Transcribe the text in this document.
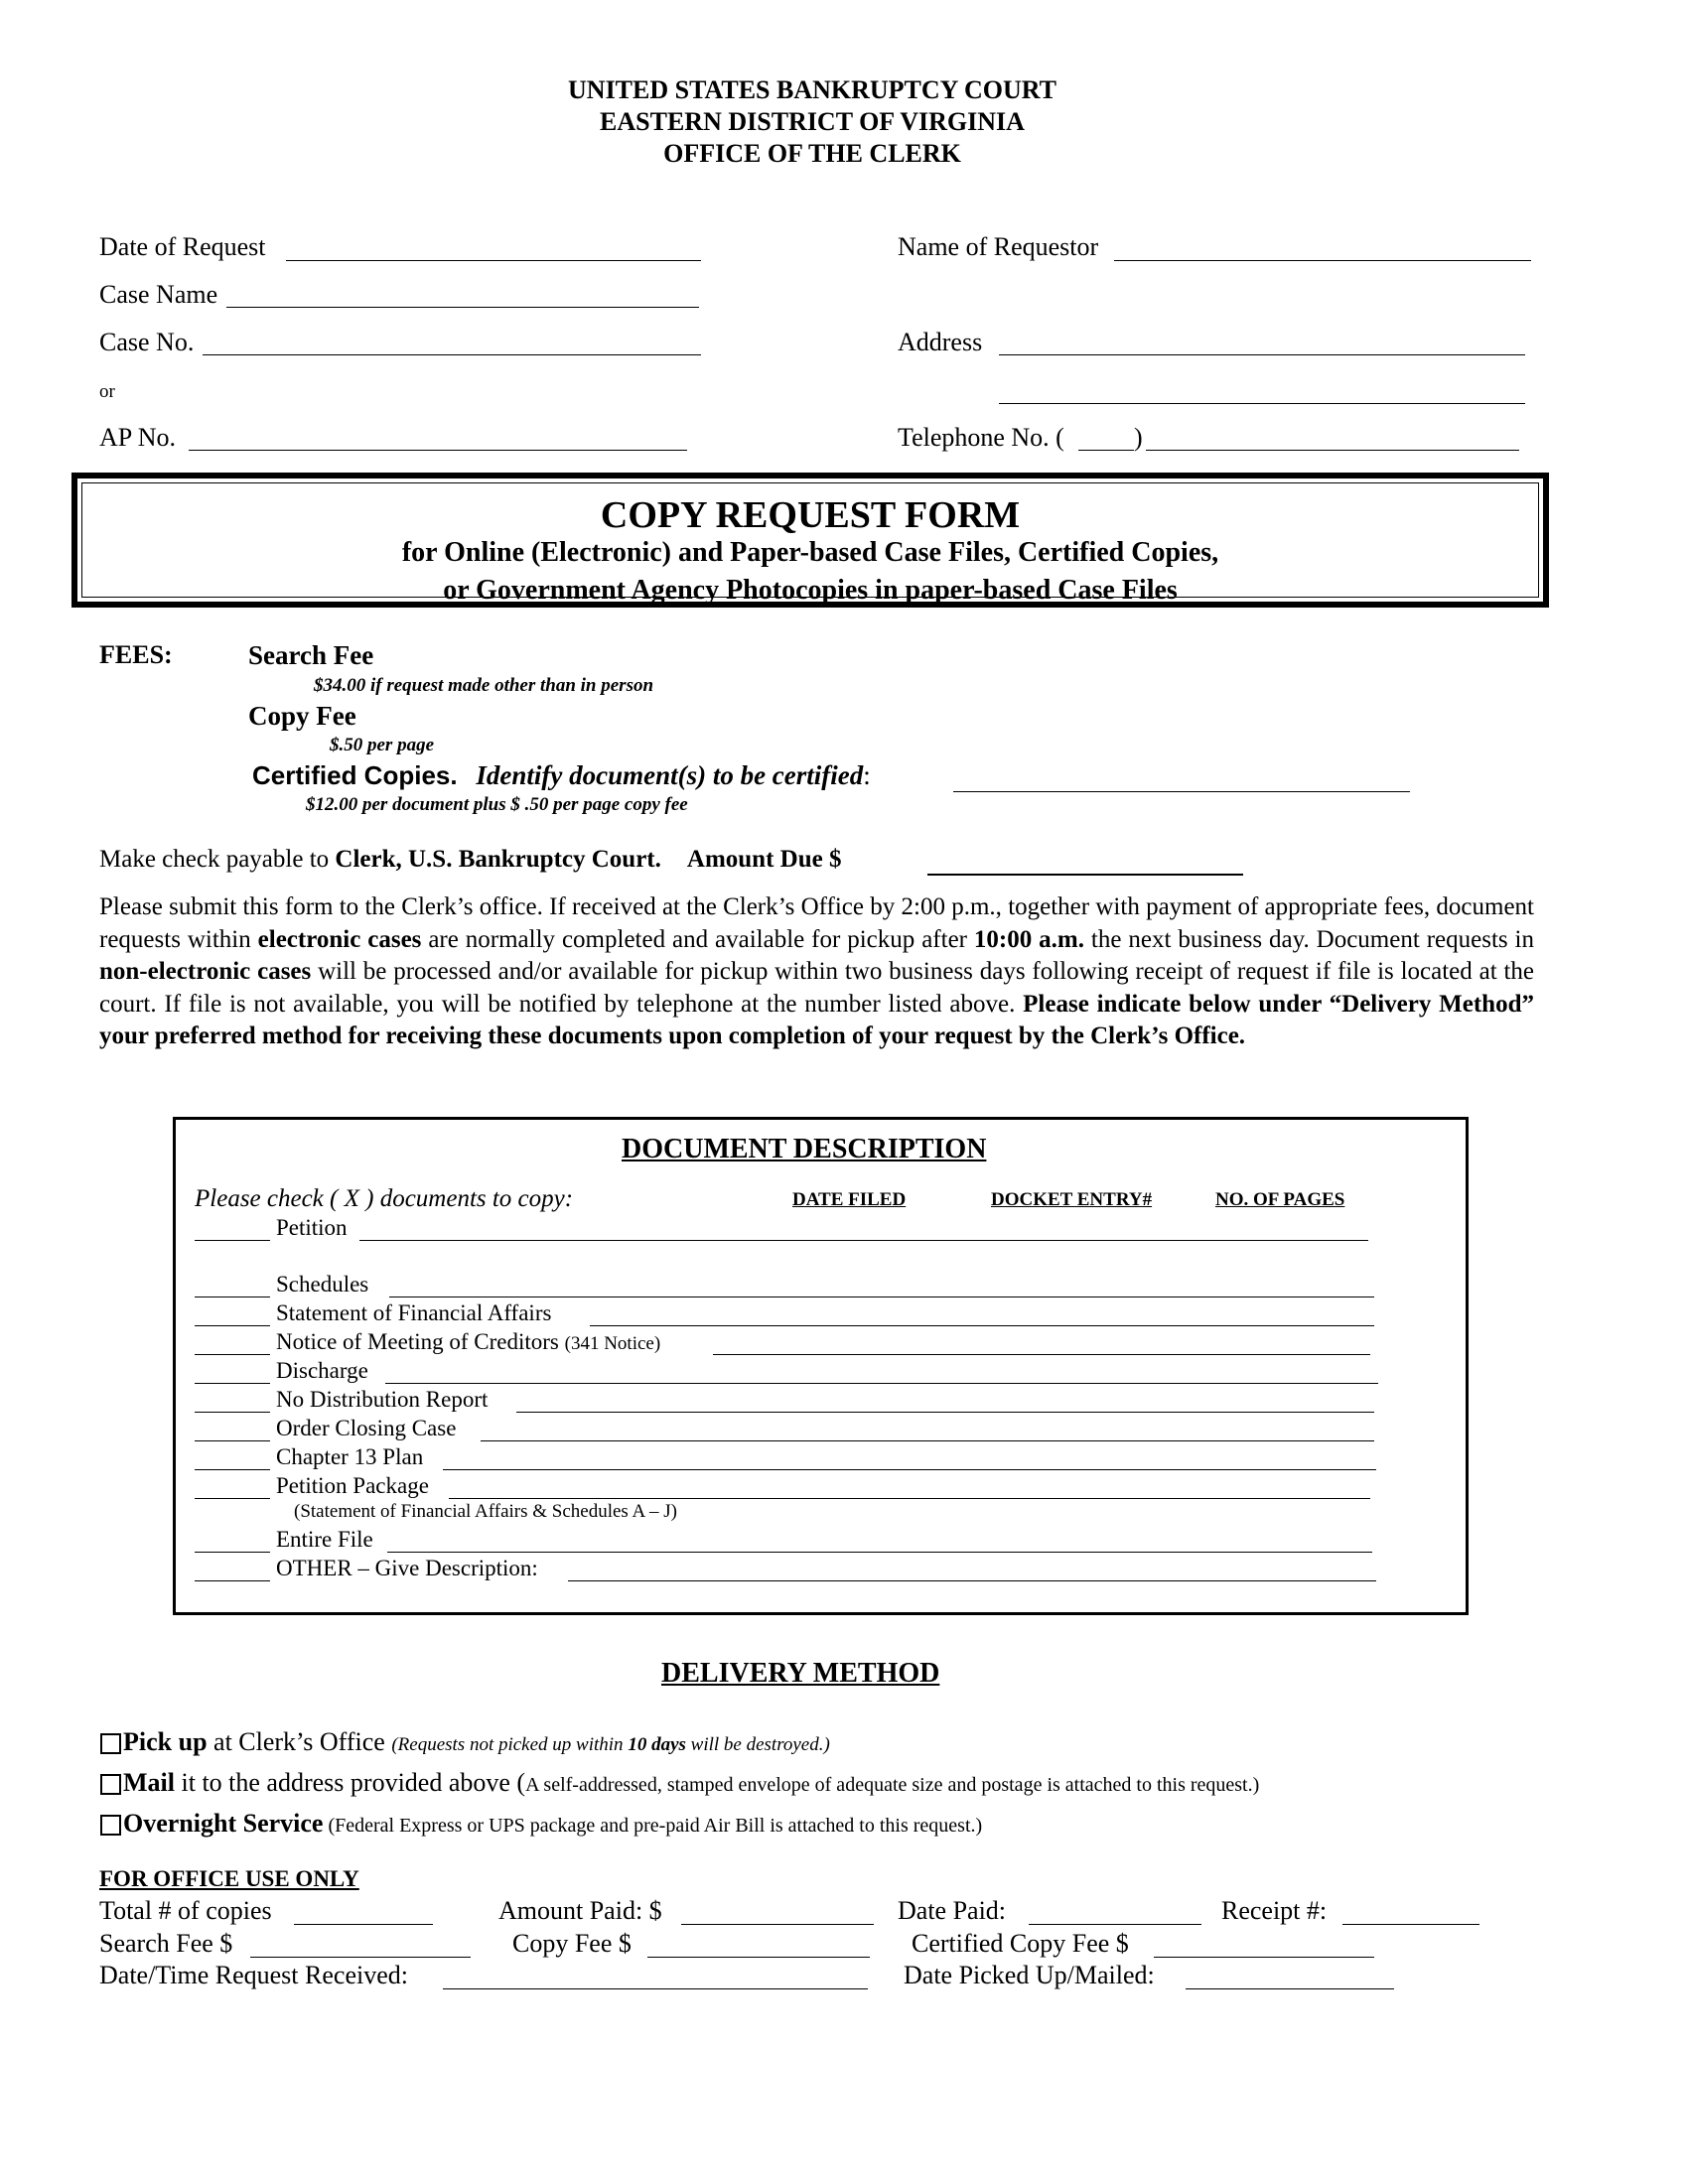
UNITED STATES BANKRUPTCY COURT
EASTERN DISTRICT OF VIRGINIA
OFFICE OF THE CLERK
Date of Request
Case Name
Case No.
or
AP No.
Name of Requestor
Address
Telephone No. (	)
COPY REQUEST FORM
for Online (Electronic) and Paper-based Case Files, Certified Copies,
or Government Agency Photocopies in paper-based Case Files
FEES:	Search Fee
$34.00 if request made other than in person
Copy Fee
$.50 per page
Certified Copies. Identify document(s) to be certified:
$12.00 per document plus $ .50 per page copy fee
Make check payable to Clerk, U.S. Bankruptcy Court. Amount Due $
Please submit this form to the Clerk’s office. If received at the Clerk’s Office by 2:00 p.m., together with payment of appropriate fees, document requests within electronic cases are normally completed and available for pickup after 10:00 a.m. the next business day. Document requests in non-electronic cases will be processed and/or available for pickup within two business days following receipt of request if file is located at the court. If file is not available, you will be notified by telephone at the number listed above. Please indicate below under “Delivery Method” your preferred method for receiving these documents upon completion of your request by the Clerk’s Office.
DOCUMENT DESCRIPTION
Please check ( X ) documents to copy:	DATE FILED	DOCKET ENTRY#	NO. OF PAGES
Petition
Schedules
Statement of Financial Affairs
Notice of Meeting of Creditors (341 Notice)
Discharge
No Distribution Report
Order Closing Case
Chapter 13 Plan
Petition Package
(Statement of Financial Affairs & Schedules A – J)
Entire File
OTHER – Give Description:
DELIVERY METHOD
Pick up at Clerk’s Office (Requests not picked up within 10 days will be destroyed.)
Mail it to the address provided above (A self-addressed, stamped envelope of adequate size and postage is attached to this request.)
Overnight Service (Federal Express or UPS package and pre-paid Air Bill is attached to this request.)
FOR OFFICE USE ONLY
Total # of copies	Amount Paid: $	Date Paid:	Receipt #:
Search Fee $	Copy Fee $	Certified Copy Fee $
Date/Time Request Received:	Date Picked Up/Mailed:
